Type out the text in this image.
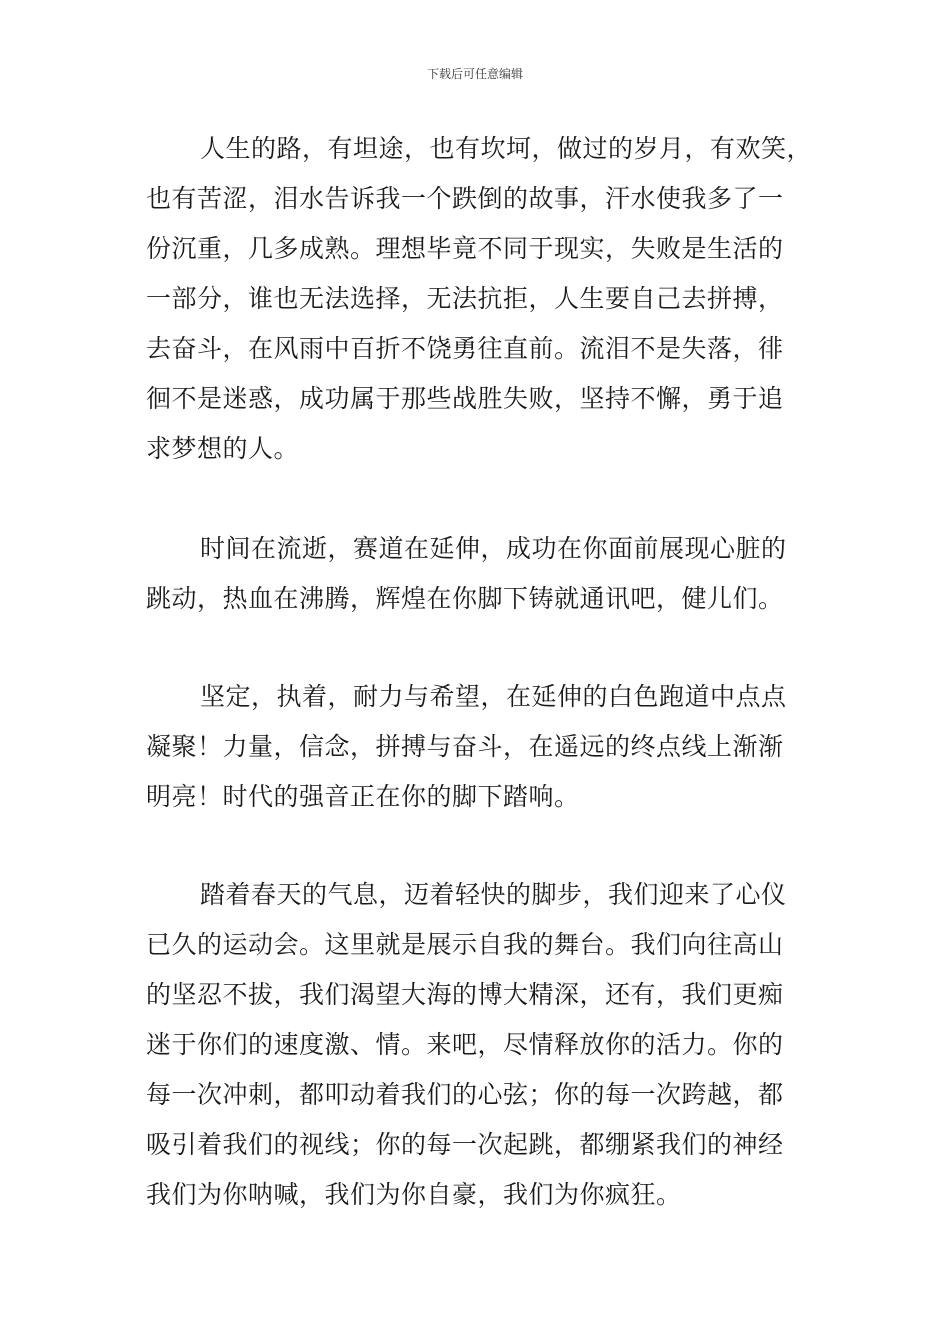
下载后可任意编辑
人生的路，有坦途，也有坎坷，做过的岁月，有欢笑，
也有苦涩，泪水告诉我一个跌倒的故事，汗水使我多了一
份沉重，几多成熟。理想毕竟不同于现实，失败是生活的
一部分，谁也无法选择，无法抗拒，人生要自己去拼搏，
去奋斗，在风雨中百折不饶勇往直前。流泪不是失落，徘
徊不是迷惑，成功属于那些战胜失败，坚持不懈，勇于追
求梦想的人。
时间在流逝，赛道在延伸，成功在你面前展现心脏的
跳动，热血在沸腾，辉煌在你脚下铸就通讯吧，健儿们。
坚定，执着，耐力与希望，在延伸的白色跑道中点点
凝聚！力量，信念，拼搏与奋斗，在遥远的终点线上渐渐
明亮！时代的强音正在你的脚下踏响。
踏着春天的气息，迈着轻快的脚步，我们迎来了心仪
已久的运动会。这里就是展示自我的舞台。我们向往高山
的坚忍不拔，我们渴望大海的博大精深，还有，我们更痴
迷于你们的速度激、情。来吧，尽情释放你的活力。你的
每一次冲刺，都叩动着我们的心弦；你的每一次跨越，都
吸引着我们的视线；你的每一次起跳，都绷紧我们的神经
我们为你呐喊，我们为你自豪，我们为你疯狂。
